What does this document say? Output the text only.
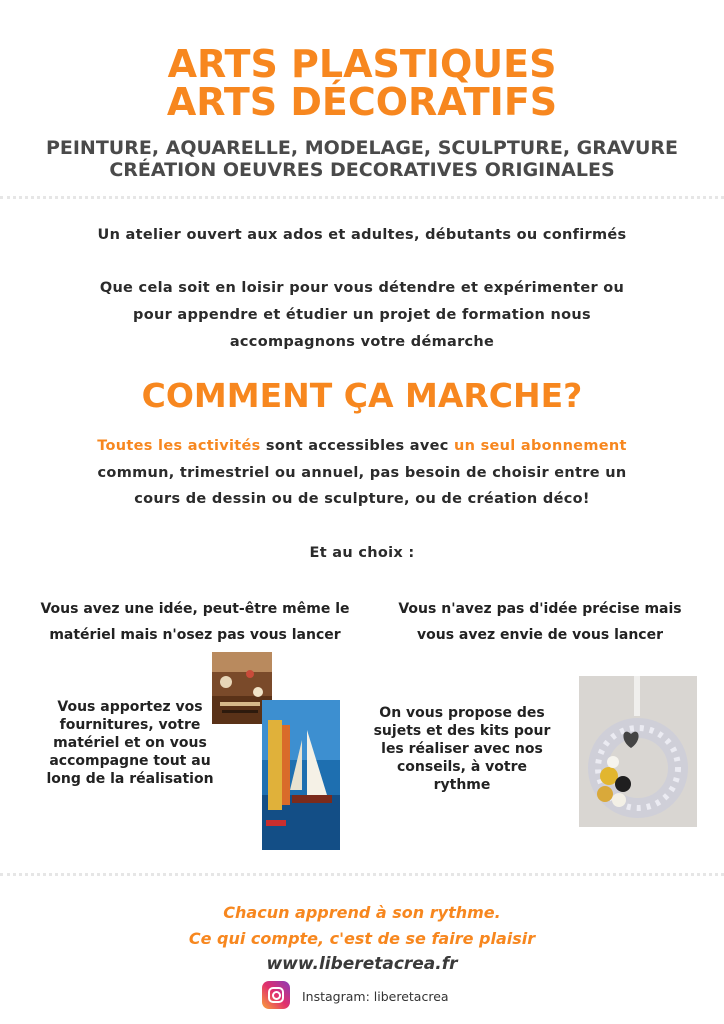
ARTS PLASTIQUES
ARTS DÉCORATIFS
PEINTURE, AQUARELLE, MODELAGE, SCULPTURE, GRAVURE
CRÉATION OEUVRES DECORATIVES ORIGINALES
Un atelier ouvert aux ados et adultes, débutants ou confirmés
Que cela soit en loisir pour vous détendre et expérimenter ou
pour appendre et étudier un projet de formation nous
accompagnons votre démarche
COMMENT ÇA MARCHE?
Toutes les activités sont accessibles avec un seul abonnement
commun, trimestriel ou annuel, pas besoin de choisir entre un
cours de dessin ou de sculpture, ou de création déco!
Et au choix :
Vous avez une idée, peut-être même le
matériel mais n'osez pas vous lancer
Vous apportez vos
fournitures, votre
matériel et on vous
accompagne tout au
long de la réalisation
Vous n'avez pas d'idée précise mais
vous avez envie de vous lancer
On vous propose des
sujets et des kits pour
les réaliser avec nos
conseils, à votre
rythme
Chacun apprend à son rythme.
Ce qui compte, c'est de se faire plaisir
www.liberetacrea.fr
Instagram: liberetacrea
